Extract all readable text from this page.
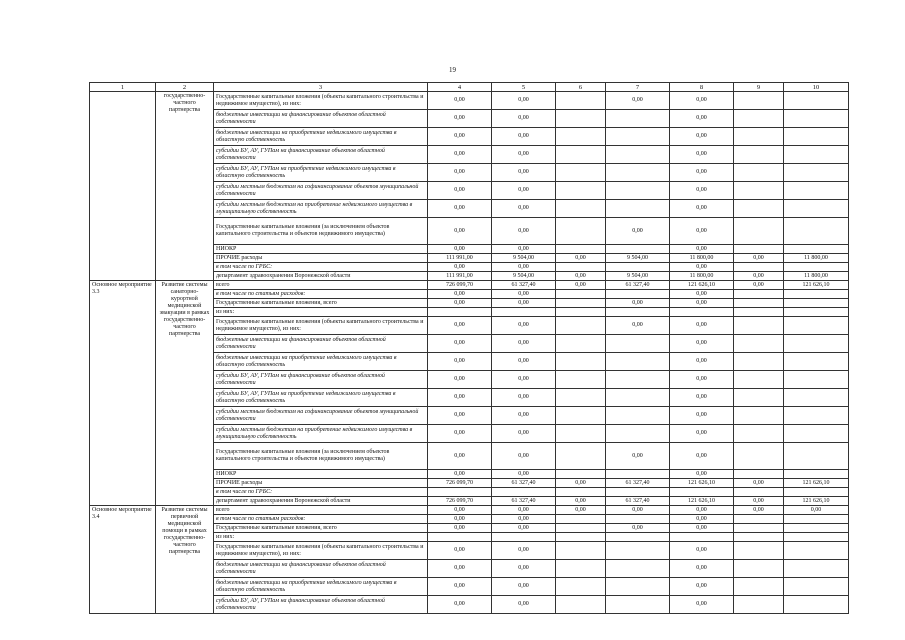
19
1	2	3	4	5	6	7	8	9	10
	государственно-частного партнерства	Государственные капитальные вложения (объекты капитального строительства и недвижимое имущество), из них:	0,00	0,00		0,00	0,00		
		бюджетные инвестиции на финансирование объектов областной собственности	0,00	0,00			0,00		
		бюджетные инвестиции на приобретение недвижимого имущества в областную собственность	0,00	0,00			0,00		
		субсидии БУ, АУ, ГУПам на финансирование объектов областной собственности	0,00	0,00			0,00		
		субсидии БУ, АУ, ГУПам на приобретение недвижимого имущества в областную собственность	0,00	0,00			0,00		
		субсидии местным бюджетам на софинансирование объектов муниципальной собственности	0,00	0,00			0,00		
		субсидии местным бюджетам на приобретение недвижимого имущества в муниципальную собственность	0,00	0,00			0,00		
		Государственные капитальные вложения (за исключением объектов капитального строительства и объектов недвижимого имущества)	0,00	0,00		0,00	0,00		
		НИОКР	0,00	0,00			0,00		
		ПРОЧИЕ расходы	111 991,00	9 504,00	0,00	9 504,00	11 800,00	0,00	11 800,00
		в том числе по ГРБС:	0,00	0,00			0,00		
		департамент здравоохранения Воронежской области	111 991,00	9 504,00	0,00	9 504,00	11 800,00	0,00	11 800,00
Основное мероприятие 3.3	Развитие системы санаторно-курортной медицинской эвакуации в рамках государственно-частного партнерства	всего	726 099,70	61 327,40	0,00	61 327,40	121 626,10	0,00	121 626,10
		в том числе по статьям расходов:	0,00	0,00			0,00		
		Государственные капитальные вложения, всего	0,00	0,00		0,00	0,00		
		из них:							
		Государственные капитальные вложения (объекты капитального строительства и недвижимое имущество), из них:	0,00	0,00		0,00	0,00		
		бюджетные инвестиции на финансирование объектов областной собственности	0,00	0,00			0,00		
		бюджетные инвестиции на приобретение недвижимого имущества в областную собственность	0,00	0,00			0,00		
		субсидии БУ, АУ, ГУПам на финансирование объектов областной собственности	0,00	0,00			0,00		
		субсидии БУ, АУ, ГУПам на приобретение недвижимого имущества в областную собственность	0,00	0,00			0,00		
		субсидии местным бюджетам на софинансирование объектов муниципальной собственности	0,00	0,00			0,00		
		субсидии местным бюджетам на приобретение недвижимого имущества в муниципальную собственность	0,00	0,00			0,00		
		Государственные капитальные вложения (за исключением объектов капитального строительства и объектов недвижимого имущества)	0,00	0,00		0,00	0,00		
		НИОКР	0,00	0,00			0,00		
		ПРОЧИЕ расходы	726 099,70	61 327,40	0,00	61 327,40	121 626,10	0,00	121 626,10
		в том числе по ГРБС:							
		департамент здравоохранения Воронежской области	726 099,70	61 327,40	0,00	61 327,40	121 626,10	0,00	121 626,10
Основное мероприятие 3.4	Развитие системы первичной медицинской помощи в рамках государственно-частного партнерства	всего	0,00	0,00	0,00	0,00	0,00	0,00	0,00
		в том числе по статьям расходов:	0,00	0,00			0,00		
		Государственные капитальные вложения, всего	0,00	0,00		0,00	0,00		
		из них:							
		Государственные капитальные вложения (объекты капитального строительства и недвижимое имущество), из них:	0,00	0,00			0,00		
		бюджетные инвестиции на финансирование объектов областной собственности	0,00	0,00			0,00		
		бюджетные инвестиции на приобретение недвижимого имущества в областную собственность	0,00	0,00			0,00		
		субсидии БУ, АУ, ГУПам на финансирование объектов областной собственности	0,00	0,00			0,00		
